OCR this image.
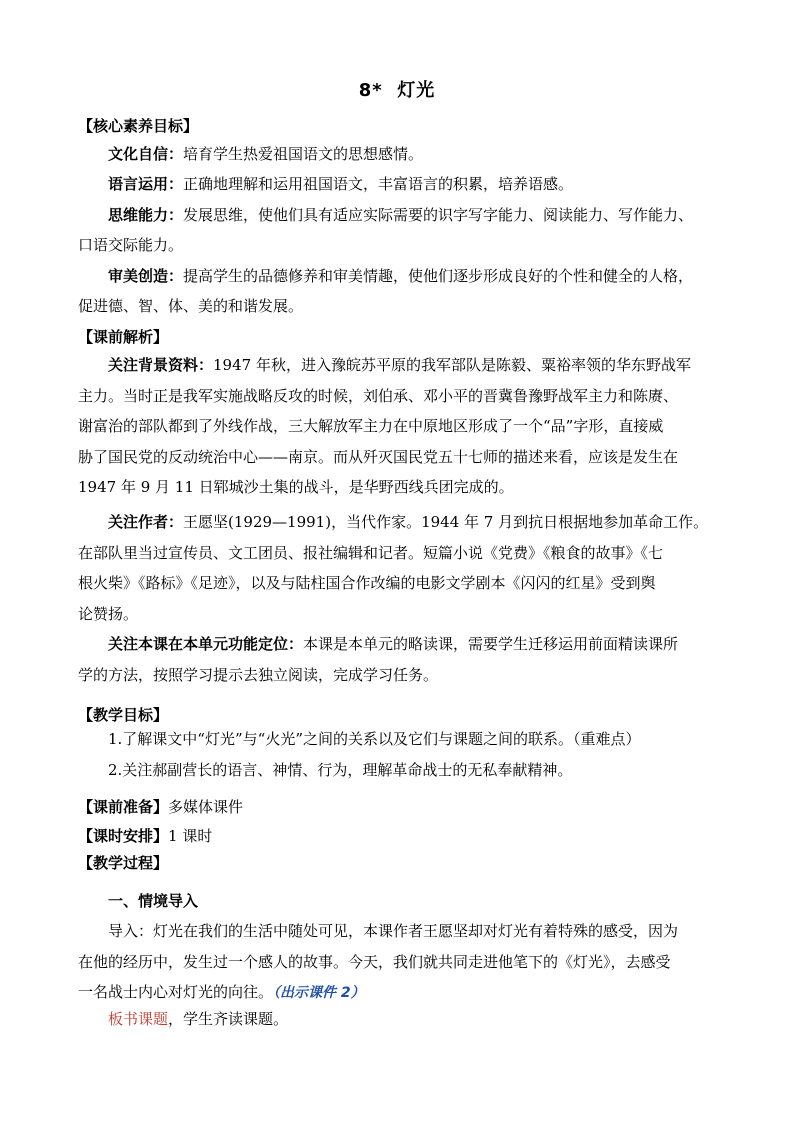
8*  灯光
【核心素养目标】
文化自信：培育学生热爱祖国语文的思想感情。
语言运用：正确地理解和运用祖国语文，丰富语言的积累，培养语感。
思维能力：发展思维，使他们具有适应实际需要的识字写字能力、阅读能力、写作能力、
口语交际能力。
审美创造：提高学生的品德修养和审美情趣，使他们逐步形成良好的个性和健全的人格，
促进德、智、体、美的和谐发展。
【课前解析】
关注背景资料：1947 年秋，进入豫皖苏平原的我军部队是陈毅、粟裕率领的华东野战军
主力。当时正是我军实施战略反攻的时候，刘伯承、邓小平的晋冀鲁豫野战军主力和陈赓、
谢富治的部队都到了外线作战，三大解放军主力在中原地区形成了一个“品”字形，直接威
胁了国民党的反动统治中心——南京。而从歼灭国民党五十七师的描述来看，应该是发生在
1947 年 9 月 11 日郓城沙土集的战斗，是华野西线兵团完成的。
关注作者：王愿坚(1929—1991)，当代作家。1944 年 7 月到抗日根据地参加革命工作。
在部队里当过宣传员、文工团员、报社编辑和记者。短篇小说《党费》《粮食的故事》《七
根火柴》《路标》《足迹》，以及与陆柱国合作改编的电影文学剧本《闪闪的红星》受到舆
论赞扬。
关注本课在本单元功能定位：本课是本单元的略读课，需要学生迁移运用前面精读课所
学的方法，按照学习提示去独立阅读，完成学习任务。
【教学目标】
1.了解课文中“灯光”与“火光”之间的关系以及它们与课题之间的联系。（重难点）
2.关注郝副营长的语言、神情、行为，理解革命战士的无私奉献精神。
【课前准备】多媒体课件
【课时安排】1 课时
【教学过程】
一、情境导入
导入：灯光在我们的生活中随处可见，本课作者王愿坚却对灯光有着特殊的感受，因为
在他的经历中，发生过一个感人的故事。今天，我们就共同走进他笔下的《灯光》，去感受
一名战士内心对灯光的向往。（出示课件 2）
板书课题，学生齐读课题。
